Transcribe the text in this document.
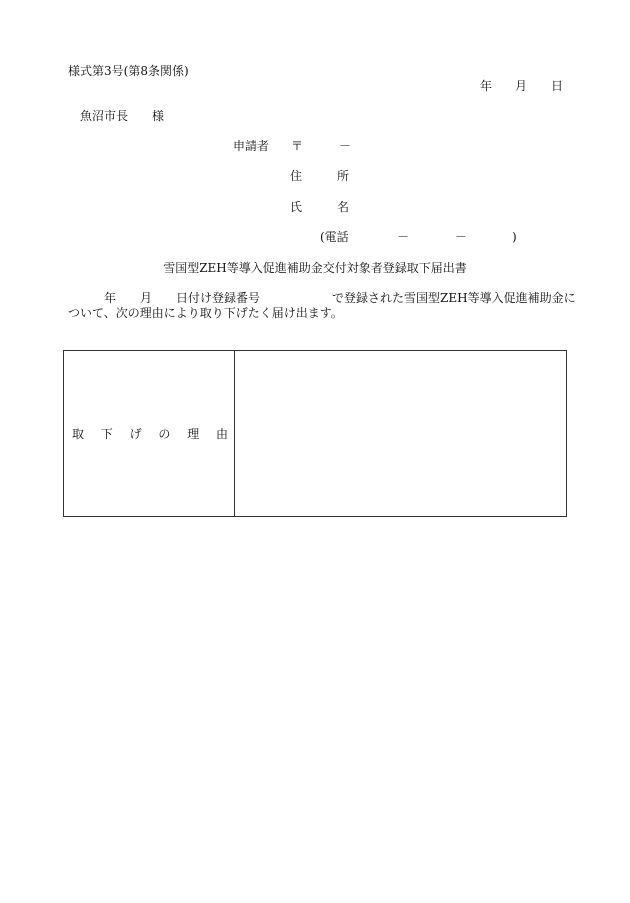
様式第3号(第8条関係)
年 月 日
魚沼市長 様
申請者 〒	－
住	所
氏	名
(電話	－	－	)
雪国型ZEH等導入促進補助金交付対象者登録取下届出書
年 月 日付け登録番号	で登録された雪国型ZEH等導入促進補助金に
ついて、次の理由により取り下げたく届け出ます。
取 下 げ の 理 由
